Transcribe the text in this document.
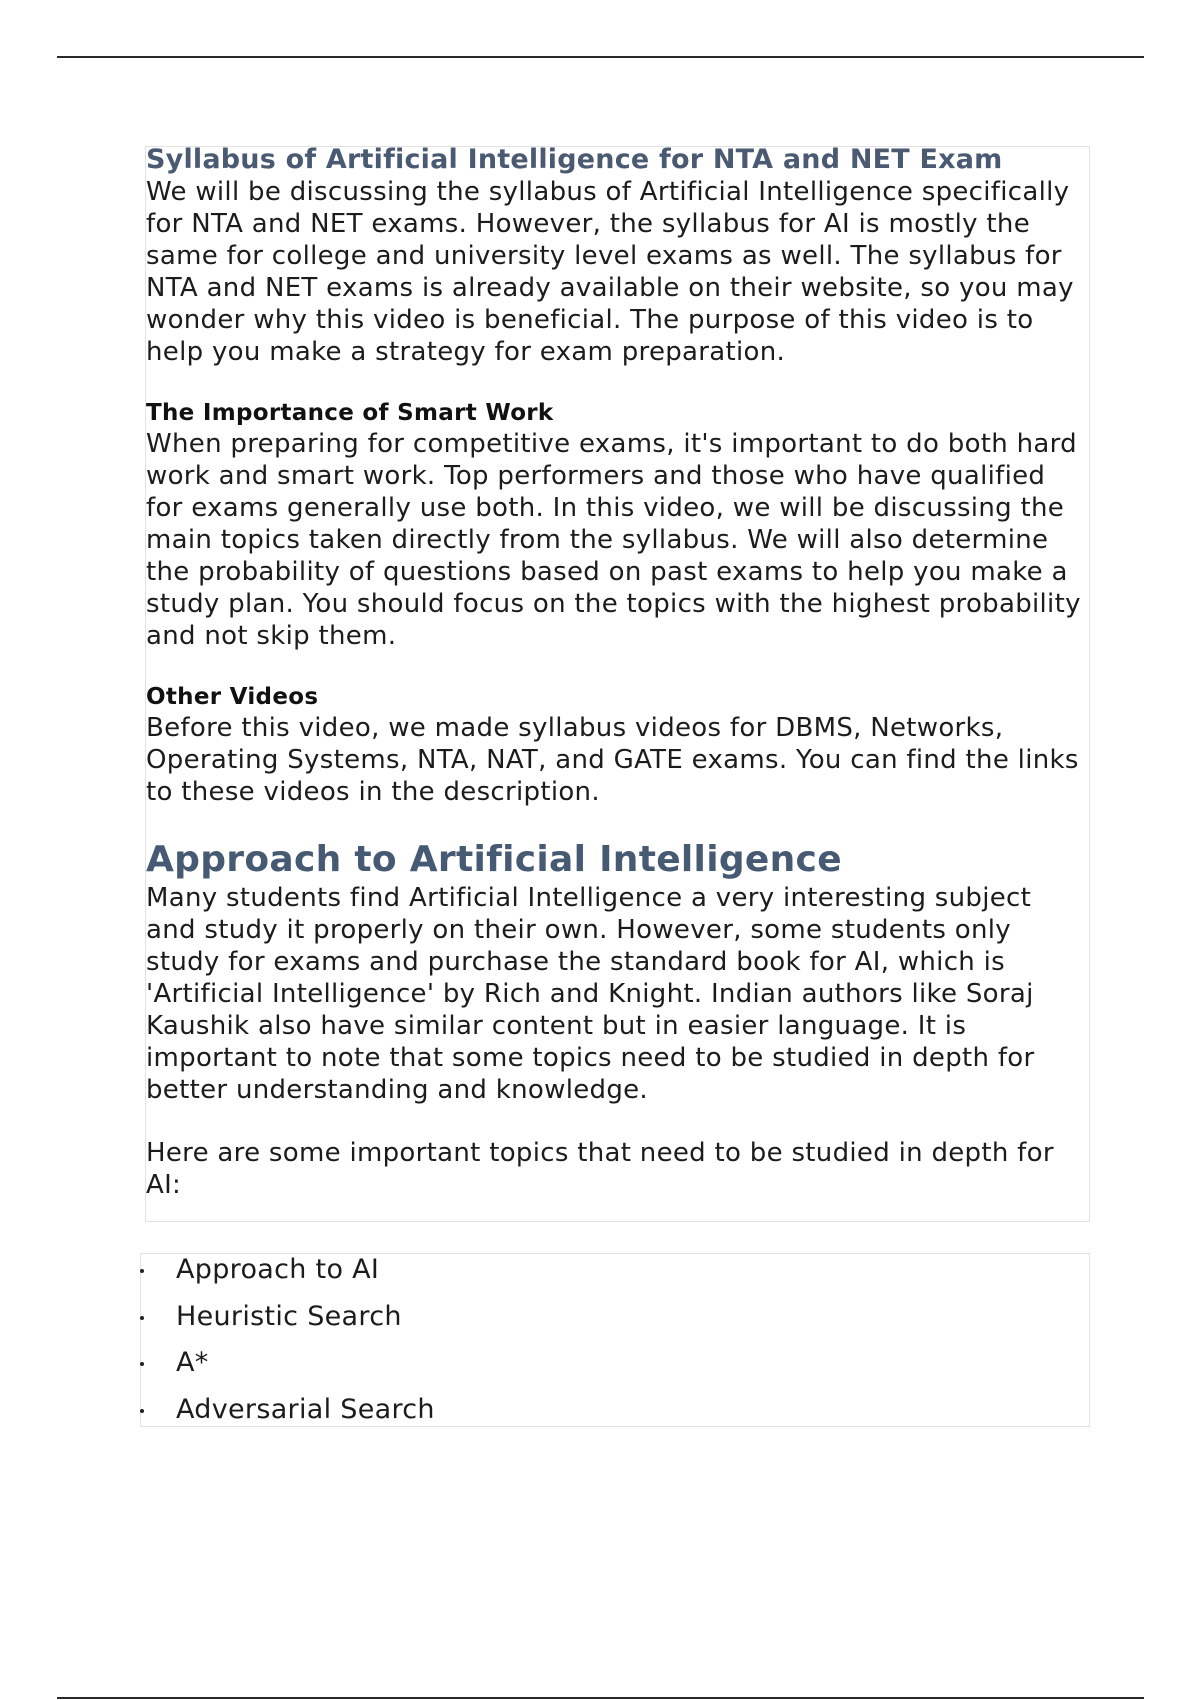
Syllabus of Artificial Intelligence for NTA and NET Exam

We will be discussing the syllabus of Artificial Intelligence specifically for NTA and NET exams. However, the syllabus for AI is mostly the same for college and university level exams as well. The syllabus for NTA and NET exams is already available on their website, so you may wonder why this video is beneficial. The purpose of this video is to help you make a strategy for exam preparation.

The Importance of Smart Work

When preparing for competitive exams, it's important to do both hard work and smart work. Top performers and those who have qualified for exams generally use both. In this video, we will be discussing the main topics taken directly from the syllabus. We will also determine the probability of questions based on past exams to help you make a study plan. You should focus on the topics with the highest probability and not skip them.

Other Videos

Before this video, we made syllabus videos for DBMS, Networks, Operating Systems, NTA, NAT, and GATE exams. You can find the links to these videos in the description.

Approach to Artificial Intelligence

Many students find Artificial Intelligence a very interesting subject and study it properly on their own. However, some students only study for exams and purchase the standard book for AI, which is 'Artificial Intelligence' by Rich and Knight. Indian authors like Soraj Kaushik also have similar content but in easier language. It is important to note that some topics need to be studied in depth for better understanding and knowledge.

Here are some important topics that need to be studied in depth for AI:

Approach to AI
Heuristic Search
A*
Adversarial Search
